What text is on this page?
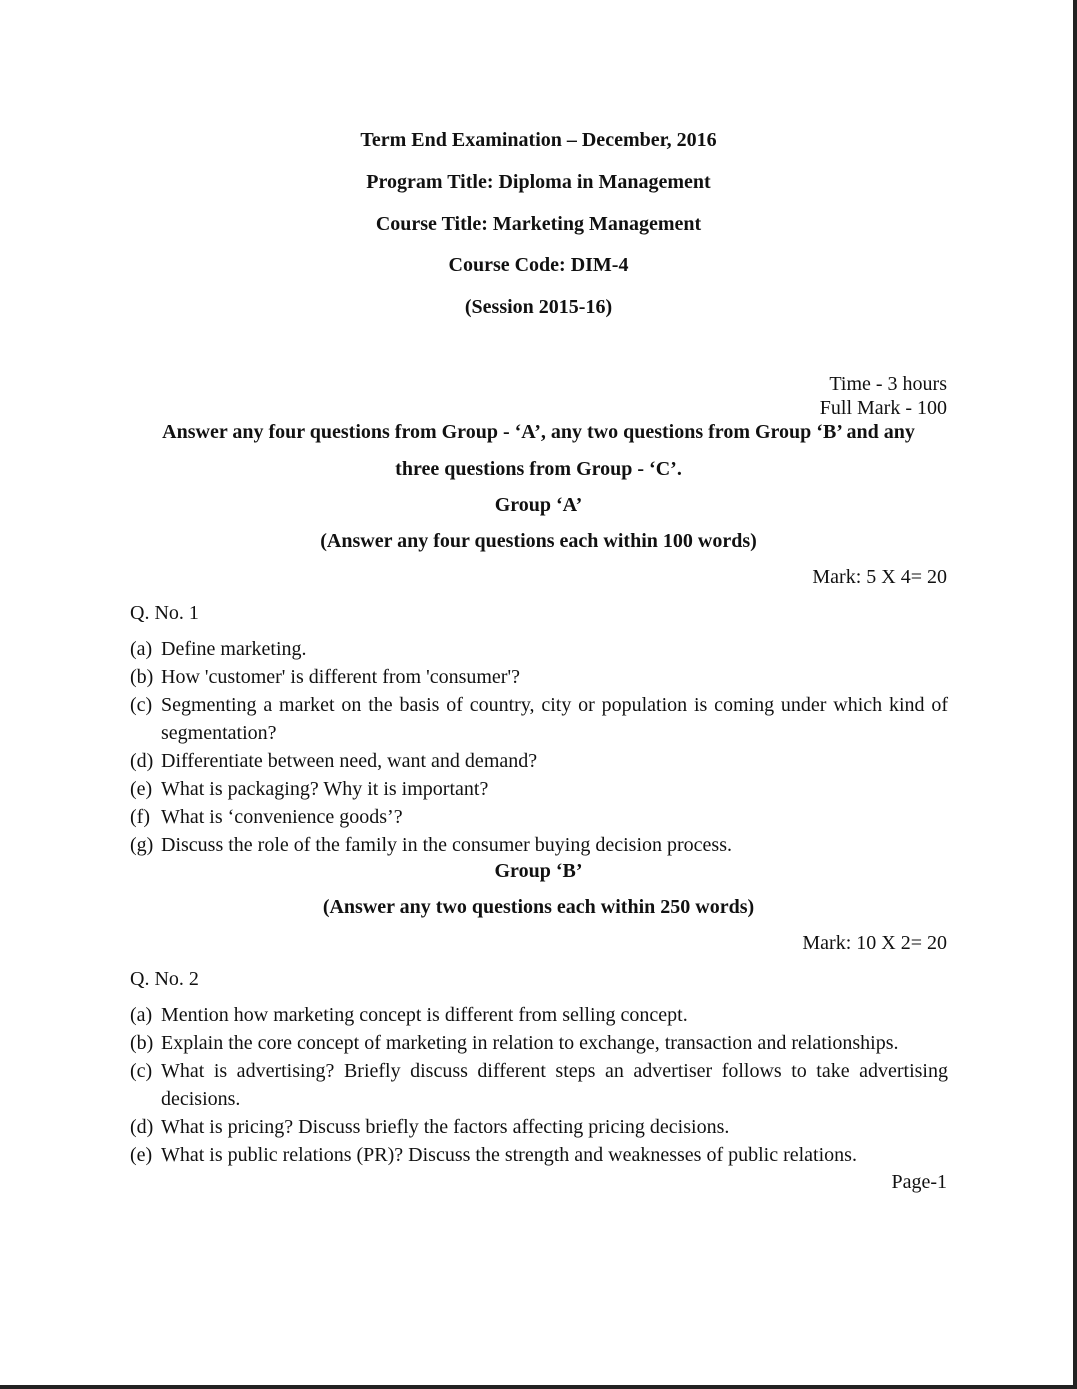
Term End Examination – December, 2016
Program Title: Diploma in Management
Course Title: Marketing Management
Course Code: DIM-4
(Session 2015-16)
Time - 3 hours
Full Mark - 100
Answer any four questions from Group - ‘A’, any two questions from Group ‘B’ and any
three questions from Group - ‘C’.
Group ‘A’
(Answer any four questions each within 100 words)
Mark: 5 X 4= 20
Q. No. 1
(a) Define marketing.
(b) How 'customer' is different from 'consumer'?
(c) Segmenting a market on the basis of country, city or population is coming under which kind of segmentation?
(d) Differentiate between need, want and demand?
(e) What is packaging? Why it is important?
(f) What is ‘convenience goods’?
(g) Discuss the role of the family in the consumer buying decision process.
Group ‘B’
(Answer any two questions each within 250 words)
Mark: 10 X 2= 20
Q. No. 2
(a) Mention how marketing concept is different from selling concept.
(b) Explain the core concept of marketing in relation to exchange, transaction and relationships.
(c) What is advertising? Briefly discuss different steps an advertiser follows to take advertising decisions.
(d) What is pricing? Discuss briefly the factors affecting pricing decisions.
(e) What is public relations (PR)? Discuss the strength and weaknesses of public relations.
Page-1
